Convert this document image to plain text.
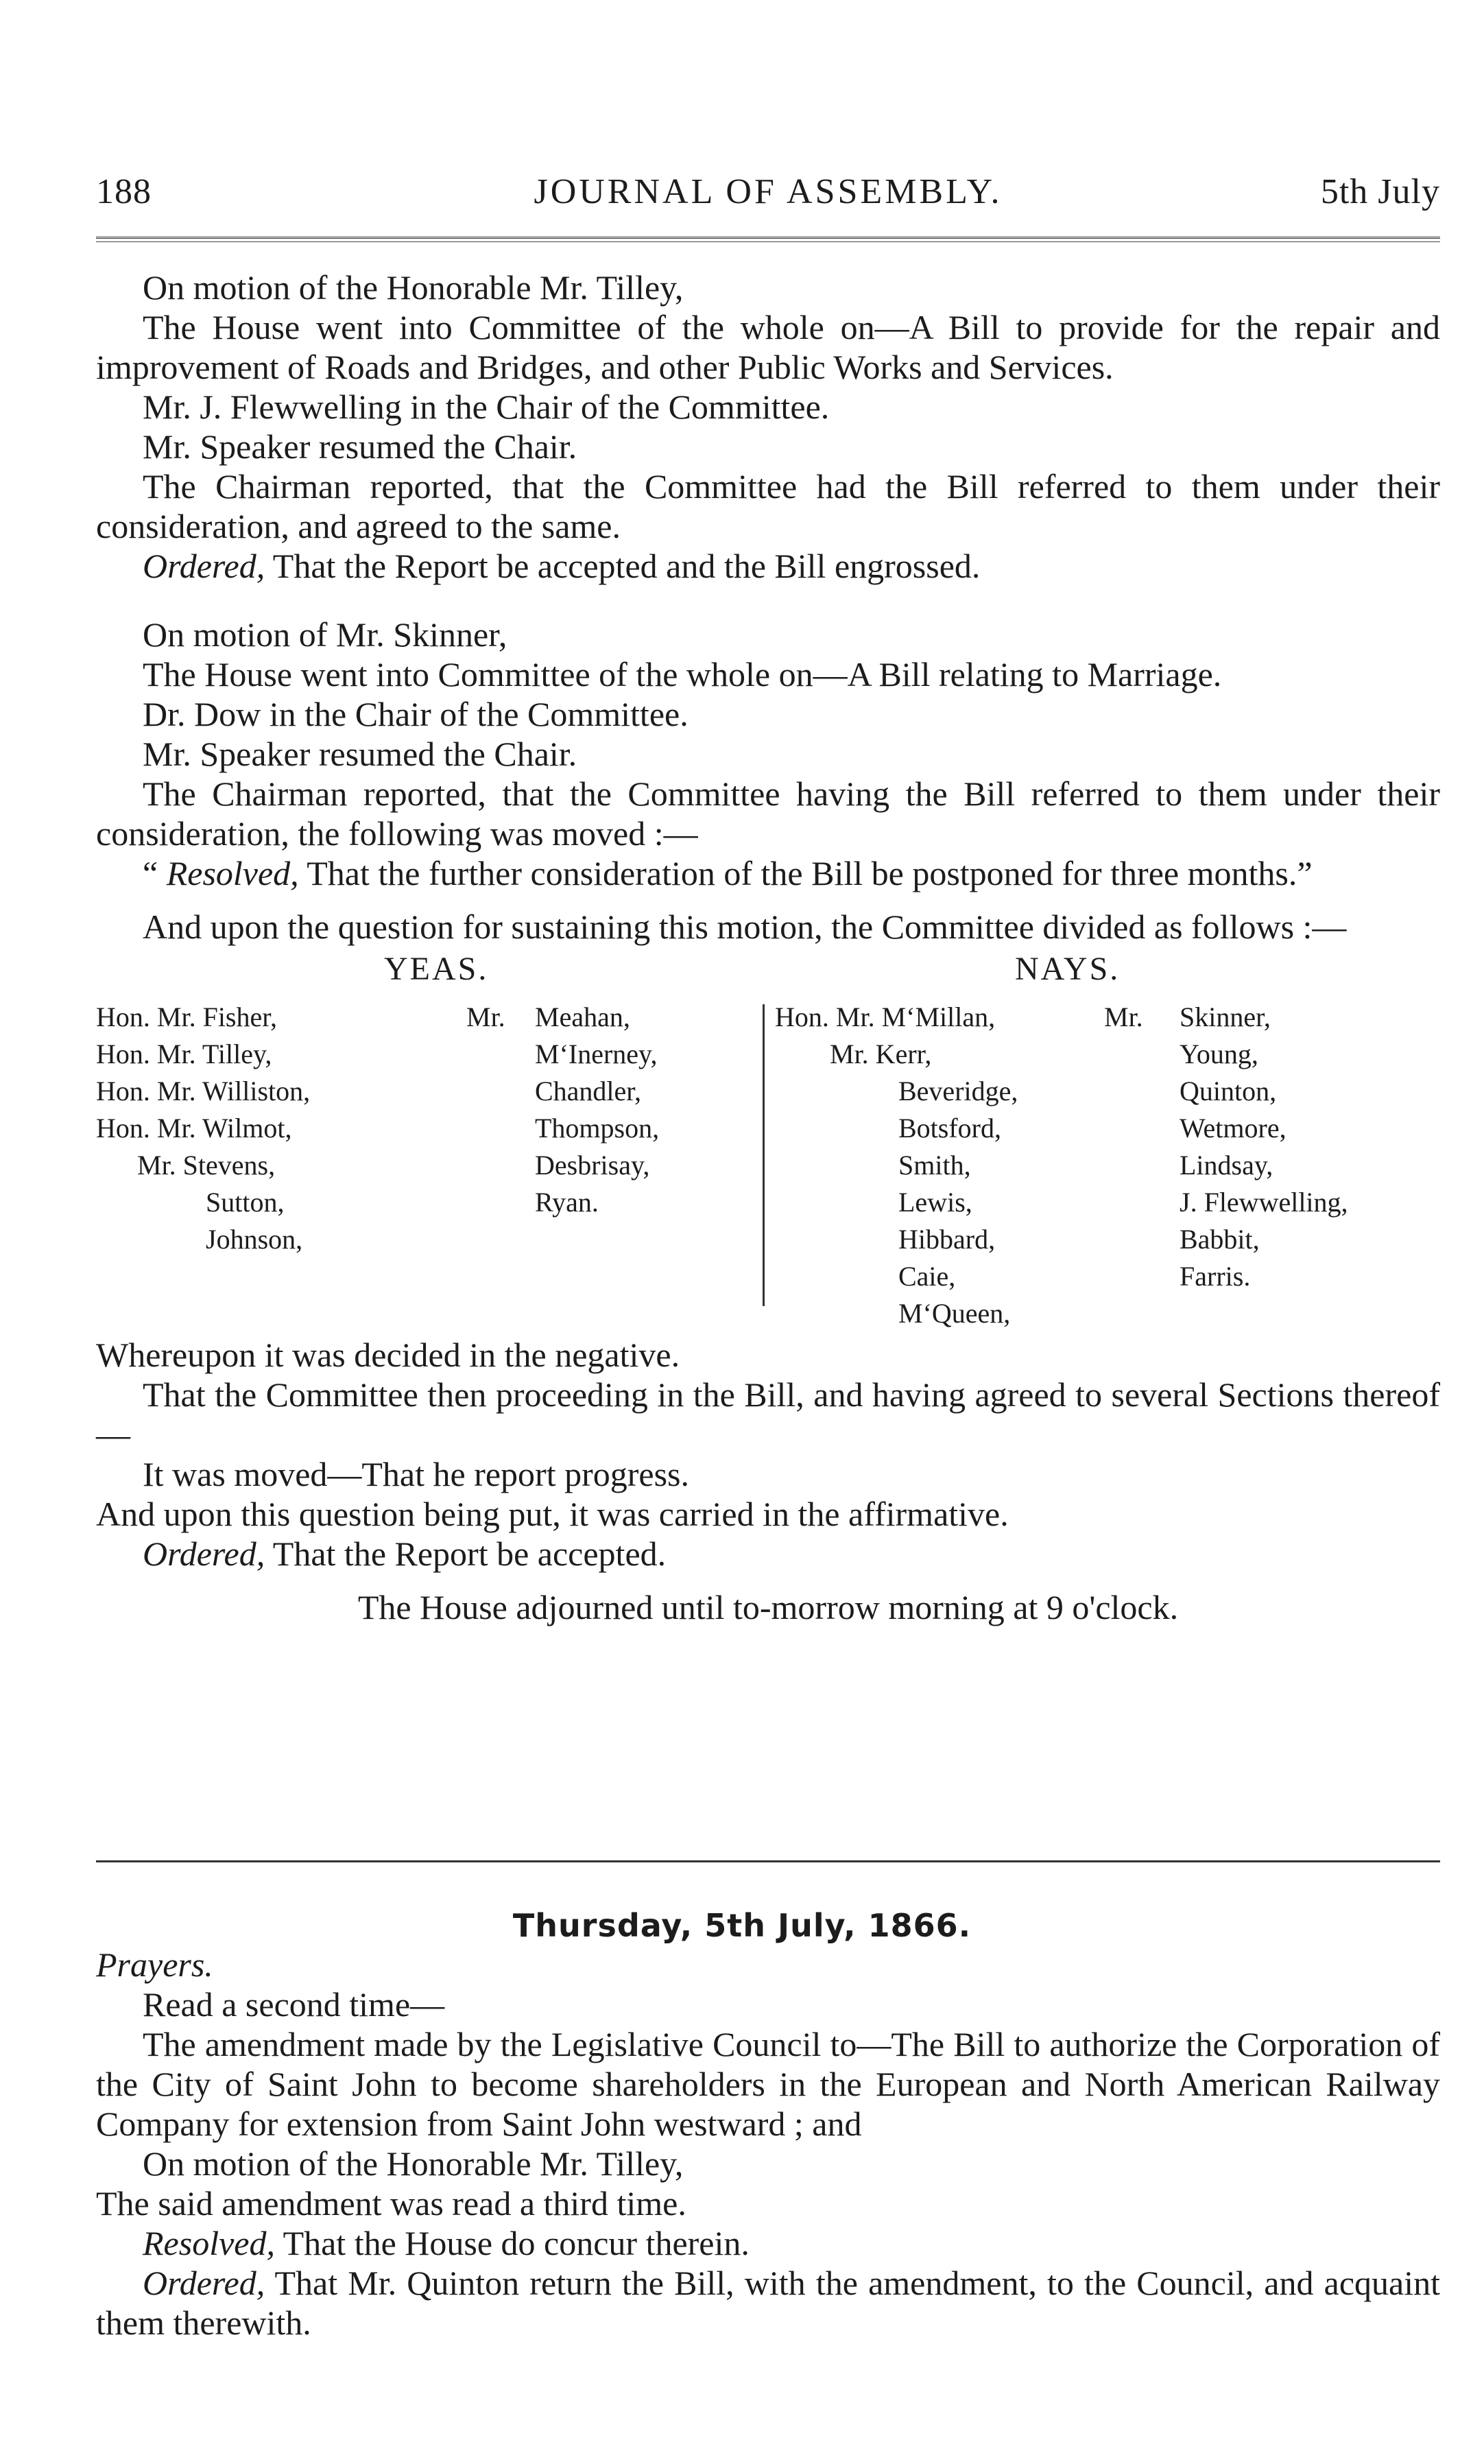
188	JOURNAL OF ASSEMBLY.	5th July

On motion of the Honorable Mr. Tilley,

The House went into Committee of the whole on—A Bill to provide for the repair and improvement of Roads and Bridges, and other Public Works and Services.

Mr. J. Flewwelling in the Chair of the Committee.

Mr. Speaker resumed the Chair.

The Chairman reported, that the Committee had the Bill referred to them under their consideration, and agreed to the same.

Ordered, That the Report be accepted and the Bill engrossed.

On motion of Mr. Skinner,

The House went into Committee of the whole on—A Bill relating to Marriage.

Dr. Dow in the Chair of the Committee.

Mr. Speaker resumed the Chair.

The Chairman reported, that the Committee having the Bill referred to them under their consideration, the following was moved :—

“ Resolved, That the further consideration of the Bill be postponed for three months.”

And upon the question for sustaining this motion, the Committee divided as follows :—

YEAS.	NAYS.
Hon. Mr. Fisher,
Hon. Mr. Tilley,
Hon. Mr. Williston,
Hon. Mr. Wilmot,
Mr. Stevens,
Sutton,
Johnson,
Mr. Meahan,
M‘Inerney,
Chandler,
Thompson,
Desbrisay,
Ryan.
Hon. Mr. M‘Millan,
Mr. Kerr,
Beveridge,
Botsford,
Smith,
Lewis,
Hibbard,
Caie,
M‘Queen,
Mr. Skinner,
Young,
Quinton,
Wetmore,
Lindsay,
J. Flewwelling,
Babbit,
Farris.

Whereupon it was decided in the negative.

That the Committee then proceeding in the Bill, and having agreed to several Sections thereof—

It was moved—That he report progress.

And upon this question being put, it was carried in the affirmative.

Ordered, That the Report be accepted.

The House adjourned until to-morrow morning at 9 o'clock.

Thursday, 5th July, 1866.

Prayers.

Read a second time—

The amendment made by the Legislative Council to—The Bill to authorize the Corporation of the City of Saint John to become shareholders in the European and North American Railway Company for extension from Saint John westward ; and

On motion of the Honorable Mr. Tilley,

The said amendment was read a third time.

Resolved, That the House do concur therein.

Ordered, That Mr. Quinton return the Bill, with the amendment, to the Council, and acquaint them therewith.
